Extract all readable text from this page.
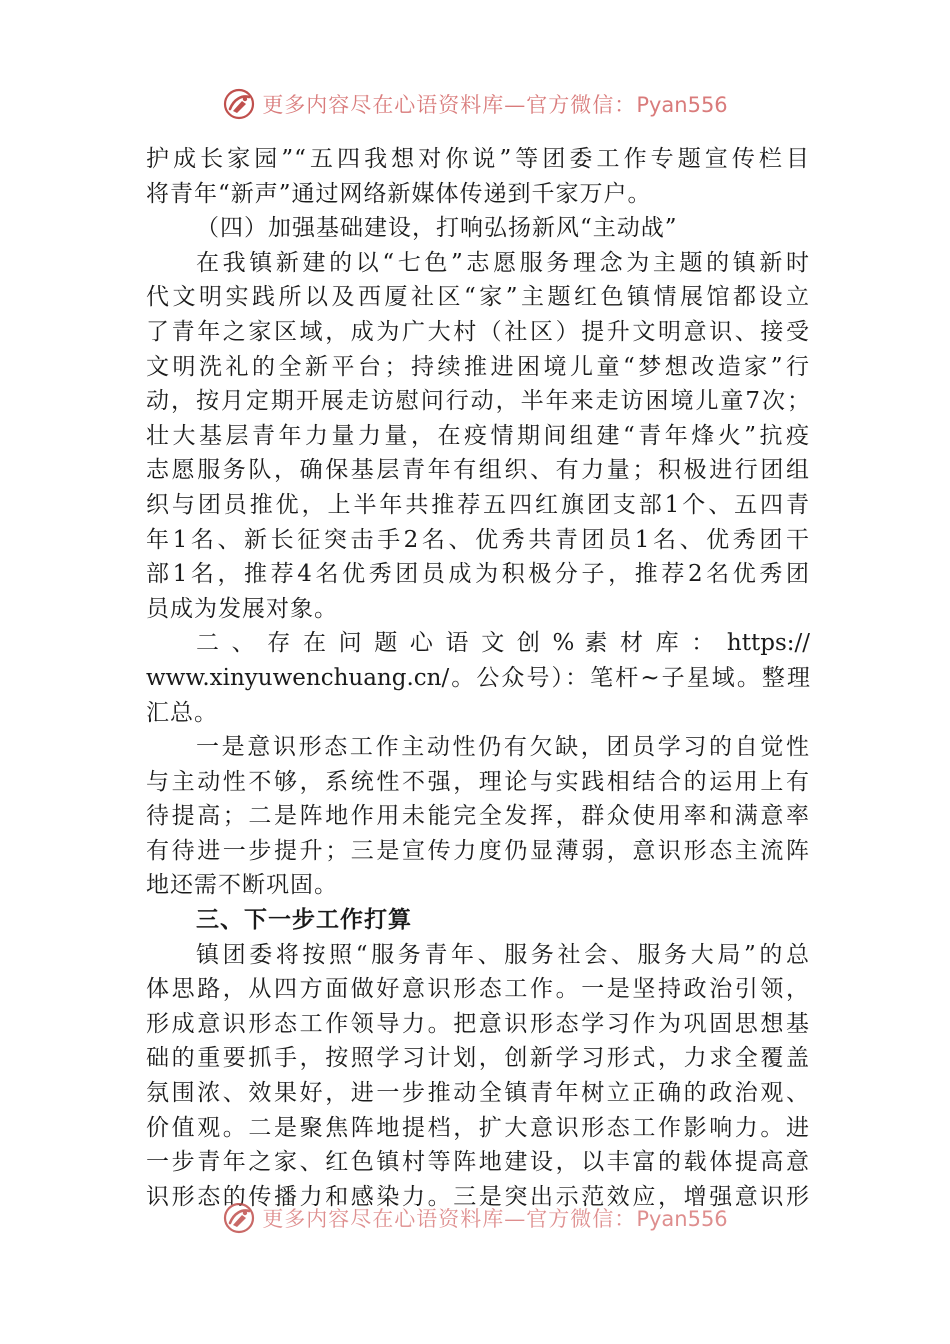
更多内容尽在心语资料库—官方微信：Pyan556
护成长家园”“五四我想对你说”等团委工作专题宣传栏目
将青年“新声”通过网络新媒体传递到千家万户。
（四）加强基础建设，打响弘扬新风“主动战”
在我镇新建的以“七色”志愿服务理念为主题的镇新时
代文明实践所以及西厦社区“家”主题红色镇情展馆都设立
了青年之家区域，成为广大村（社区）提升文明意识、接受
文明洗礼的全新平台；持续推进困境儿童“梦想改造家”行
动，按月定期开展走访慰问行动，半年来走访困境儿童7次；
壮大基层青年力量力量，在疫情期间组建“青年烽火”抗疫
志愿服务队，确保基层青年有组织、有力量；积极进行团组
织与团员推优，上半年共推荐五四红旗团支部1个、五四青
年1名、新长征突击手2名、优秀共青团员1名、优秀团干
部1名，推荐4名优秀团员成为积极分子，推荐2名优秀团
员成为发展对象。
二 、 存 在 问 题 心 语 文 创 % 素 材 库 ： https://
www.xinyuwenchuang.cn/。公众号）：笔杆~子星域。整理
汇总。
一是意识形态工作主动性仍有欠缺，团员学习的自觉性
与主动性不够，系统性不强，理论与实践相结合的运用上有
待提高；二是阵地作用未能完全发挥，群众使用率和满意率
有待进一步提升；三是宣传力度仍显薄弱，意识形态主流阵
地还需不断巩固。
三、下一步工作打算
镇团委将按照“服务青年、服务社会、服务大局”的总
体思路，从四方面做好意识形态工作。一是坚持政治引领，
形成意识形态工作领导力。把意识形态学习作为巩固思想基
础的重要抓手，按照学习计划，创新学习形式，力求全覆盖
氛围浓、效果好，进一步推动全镇青年树立正确的政治观、
价值观。二是聚焦阵地提档，扩大意识形态工作影响力。进
一步青年之家、红色镇村等阵地建设，以丰富的载体提高意
识形态的传播力和感染力。三是突出示范效应，增强意识形
更多内容尽在心语资料库—官方微信：Pyan556
